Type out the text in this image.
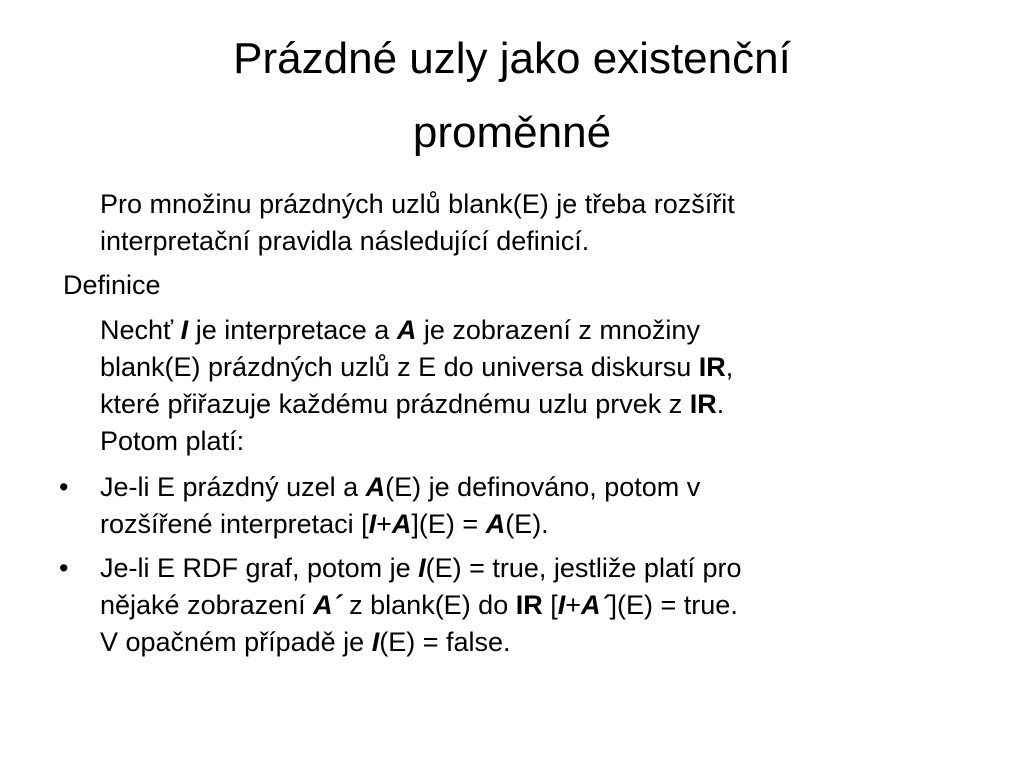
Prázdné uzly jako existenční
proměnné
Pro množinu prázdných uzlů blank(E) je třeba rozšířit
interpretační pravidla následující definicí.
Definice
Nechť I je interpretace a A je zobrazení z množiny
blank(E) prázdných uzlů z E do universa diskursu IR,
které přiřazuje každému prázdnému uzlu prvek z IR.
Potom platí:
• Je-li E prázdný uzel a A(E) je definováno, potom v
rozšířené interpretaci [I+A](E) = A(E).
• Je-li E RDF graf, potom je I(E) = true, jestliže platí pro
nějaké zobrazení A´ z blank(E) do IR [I+A´](E) = true.
V opačném případě je I(E) = false.
